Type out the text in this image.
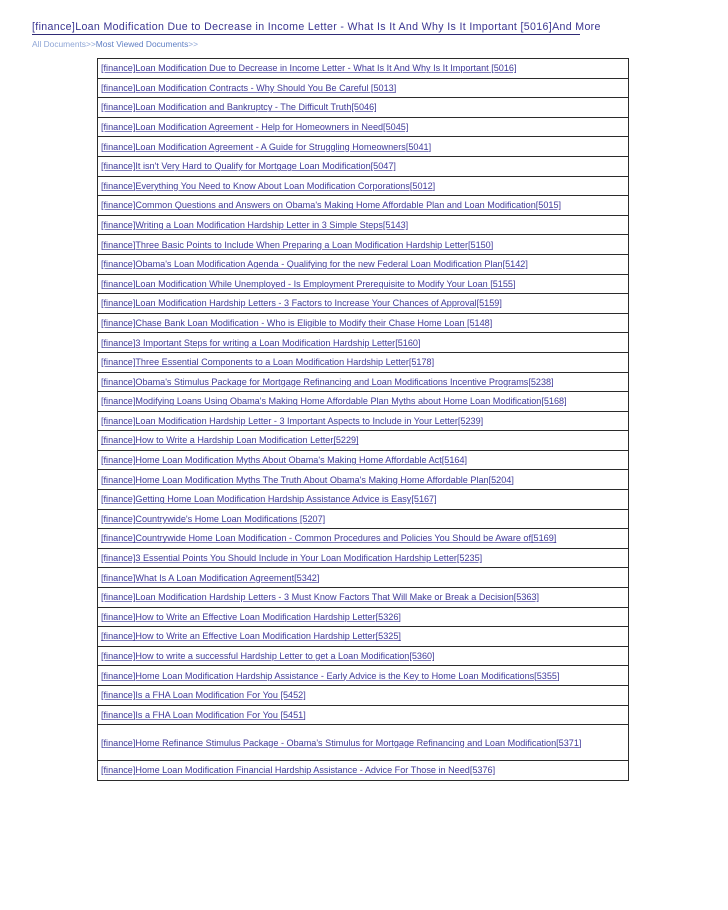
[finance]Loan Modification Due to Decrease in Income Letter - What Is It And Why Is It Important [5016]And More
All Documents>>Most Viewed Documents>>
[finance]Loan Modification Due to Decrease in Income Letter - What Is It And Why Is It Important [5016]
[finance]Loan Modification Contracts - Why Should You Be Careful [5013]
[finance]Loan Modification and Bankruptcy - The Difficult Truth[5046]
[finance]Loan Modification Agreement - Help for Homeowners in Need[5045]
[finance]Loan Modification Agreement - A Guide for Struggling Homeowners[5041]
[finance]It isn't Very Hard to Qualify for Mortgage Loan Modification[5047]
[finance]Everything You Need to Know About Loan Modification Corporations[5012]
[finance]Common Questions and Answers on Obama's Making Home Affordable Plan and Loan Modification[5015]
[finance]Writing a Loan Modification Hardship Letter in 3 Simple Steps[5143]
[finance]Three Basic Points to Include When Preparing a Loan Modification Hardship Letter[5150]
[finance]Obama's Loan Modification Agenda - Qualifying for the new Federal Loan Modification Plan[5142]
[finance]Loan Modification While Unemployed - Is Employment Prerequisite to Modify Your Loan [5155]
[finance]Loan Modification Hardship Letters - 3 Factors to Increase Your Chances of Approval[5159]
[finance]Chase Bank Loan Modification - Who is Eligible to Modify their Chase Home Loan [5148]
[finance]3 Important Steps for writing a Loan Modification Hardship Letter[5160]
[finance]Three Essential Components to a Loan Modification Hardship Letter[5178]
[finance]Obama's Stimulus Package for Mortgage Refinancing and Loan Modifications Incentive Programs[5238]
[finance]Modifying Loans Using Obama's Making Home Affordable Plan Myths about Home Loan Modification[5168]
[finance]Loan Modification Hardship Letter - 3 Important Aspects to Include in Your Letter[5239]
[finance]How to Write a Hardship Loan Modification Letter[5229]
[finance]Home Loan Modification Myths About Obama's Making Home Affordable Act[5164]
[finance]Home Loan Modification Myths The Truth About Obama's Making Home Affordable Plan[5204]
[finance]Getting Home Loan Modification Hardship Assistance Advice is Easy[5167]
[finance]Countrywide's Home Loan Modifications [5207]
[finance]Countrywide Home Loan Modification - Common Procedures and Policies You Should be Aware of[5169]
[finance]3 Essential Points You Should Include in Your Loan Modification Hardship Letter[5235]
[finance]What Is A Loan Modification Agreement[5342]
[finance]Loan Modification Hardship Letters - 3 Must Know Factors That Will Make or Break a Decision[5363]
[finance]How to Write an Effective Loan Modification Hardship Letter[5326]
[finance]How to Write an Effective Loan Modification Hardship Letter[5325]
[finance]How to write a successful Hardship Letter to get a Loan Modification[5360]
[finance]Home Loan Modification Hardship Assistance - Early Advice is the Key to Home Loan Modifications[5355]
[finance]Is a FHA Loan Modification For You [5452]
[finance]Is a FHA Loan Modification For You [5451]
[finance]Home Refinance Stimulus Package - Obama's Stimulus for Mortgage Refinancing and Loan Modification[5371]
[finance]Home Loan Modification Financial Hardship Assistance - Advice For Those in Need[5376]
